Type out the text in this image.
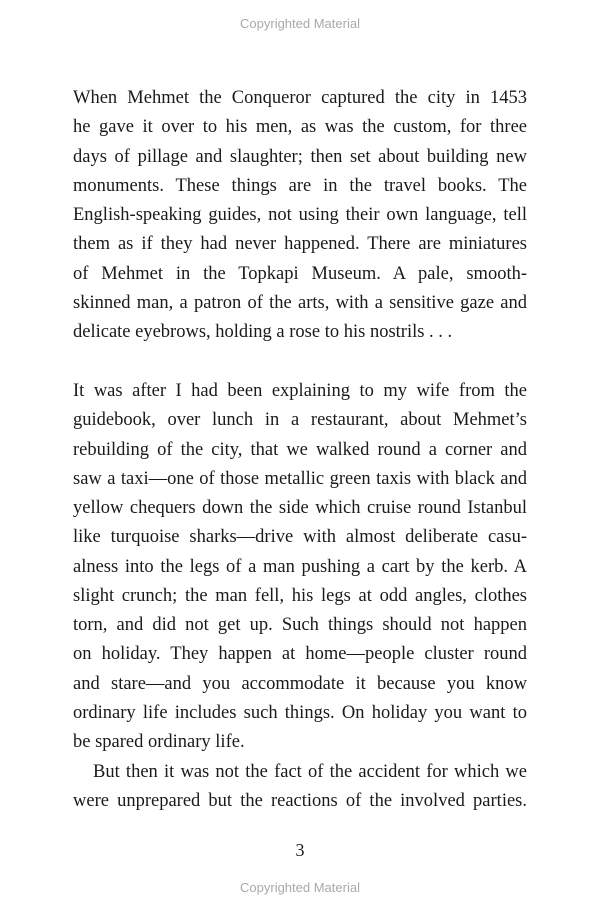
Copyrighted Material
When Mehmet the Conqueror captured the city in 1453
he gave it over to his men, as was the custom, for three
days of pillage and slaughter; then set about building new
monuments. These things are in the travel books. The
English-speaking guides, not using their own language, tell
them as if they had never happened. There are miniatures
of Mehmet in the Topkapi Museum. A pale, smooth-
skinned man, a patron of the arts, with a sensitive gaze and
delicate eyebrows, holding a rose to his nostrils . . .
It was after I had been explaining to my wife from the
guidebook, over lunch in a restaurant, about Mehmet’s
rebuilding of the city, that we walked round a corner and
saw a taxi—one of those metallic green taxis with black and
yellow chequers down the side which cruise round Istanbul
like turquoise sharks—drive with almost deliberate casu-
alness into the legs of a man pushing a cart by the kerb. A
slight crunch; the man fell, his legs at odd angles, clothes
torn, and did not get up. Such things should not happen
on holiday. They happen at home—people cluster round
and stare—and you accommodate it because you know
ordinary life includes such things. On holiday you want to
be spared ordinary life.
But then it was not the fact of the accident for which we
were unprepared but the reactions of the involved parties.
3
Copyrighted Material
